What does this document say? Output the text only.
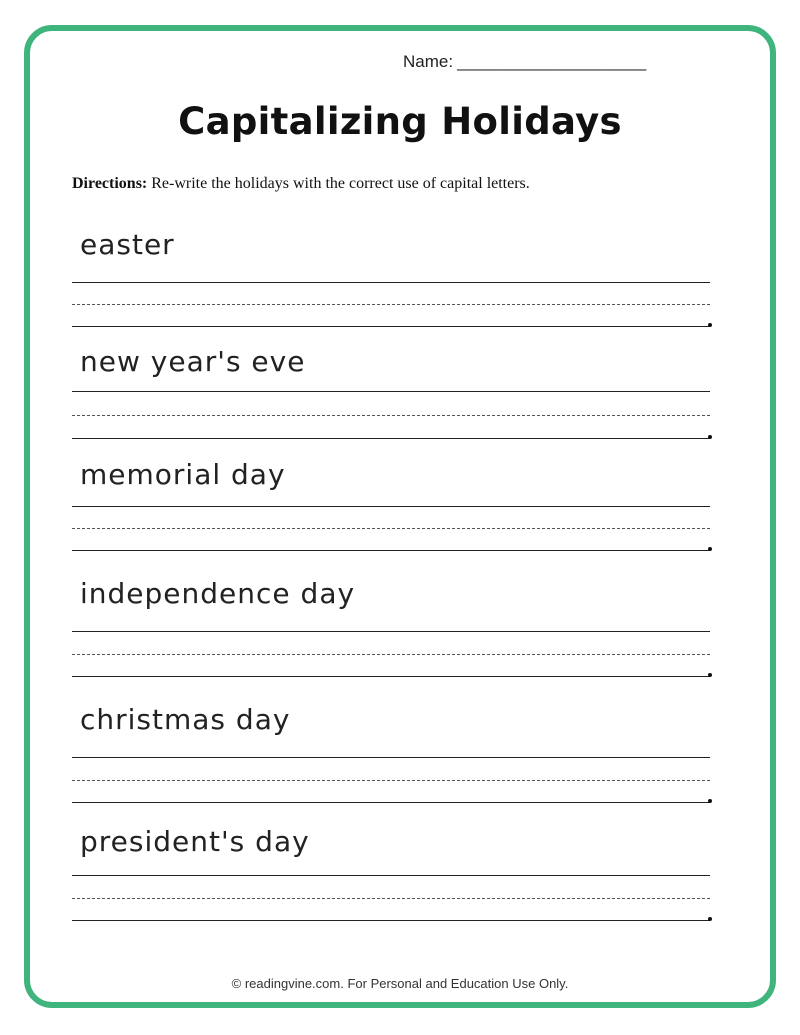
Name: ____________________
Capitalizing Holidays
Directions: Re-write the holidays with the correct use of capital letters.
easter
new year's eve
memorial day
independence day
christmas day
president's day
© readingvine.com. For Personal and Education Use Only.
